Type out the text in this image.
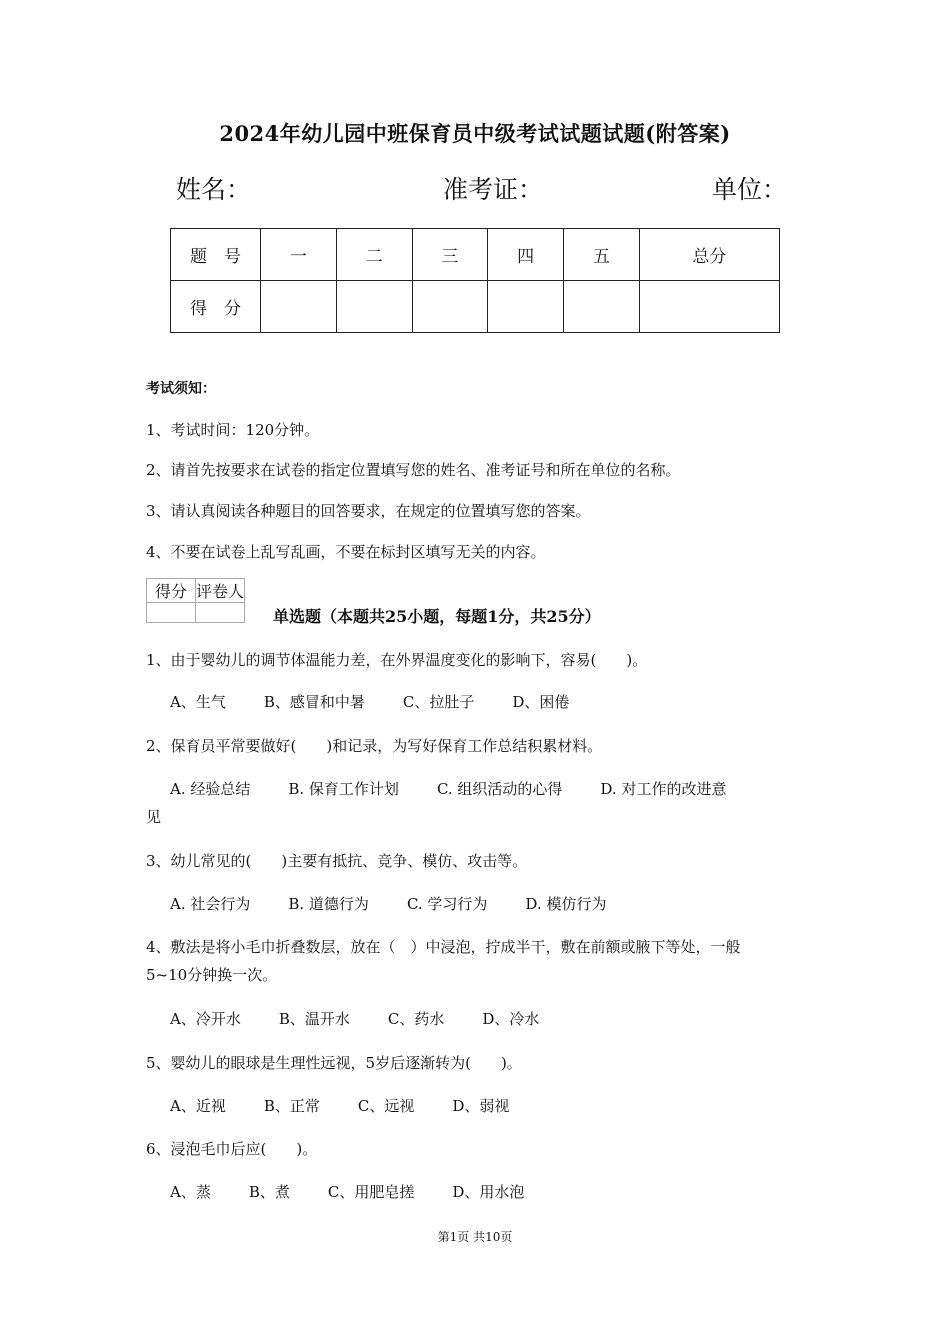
2024年幼儿园中班保育员中级考试试题试题(附答案)
姓名：	准考证：	单位：
题　号	一	二	三	四	五	总分
得　分						
考试须知：
1、考试时间：120分钟。
2、请首先按要求在试卷的指定位置填写您的姓名、准考证号和所在单位的名称。
3、请认真阅读各种题目的回答要求，在规定的位置填写您的答案。
4、不要在试卷上乱写乱画，不要在标封区填写无关的内容。
得分	评卷人

单选题（本题共25小题，每题1分，共25分）
1、由于婴幼儿的调节体温能力差，在外界温度变化的影响下，容易(　　)。
A、生气	B、感冒和中暑	C、拉肚子	D、困倦
2、保育员平常要做好(　　)和记录，为写好保育工作总结积累材料。
A. 经验总结	B. 保育工作计划	C. 组织活动的心得	D. 对工作的改进意
见
3、幼儿常见的(　　)主要有抵抗、竞争、模仿、攻击等。
A. 社会行为	B. 道德行为	C. 学习行为	D. 模仿行为
4、敷法是将小毛巾折叠数层，放在（　）中浸泡，拧成半干，敷在前额或腋下等处，一般
5~10分钟换一次。
A、冷开水	B、温开水	C、药水	D、冷水
5、婴幼儿的眼球是生理性远视，5岁后逐渐转为(　　)。
A、近视	B、正常	C、远视	D、弱视
6、浸泡毛巾后应(　　)。
A、蒸	B、煮	C、用肥皂搓	D、用水泡
第1页 共10页
